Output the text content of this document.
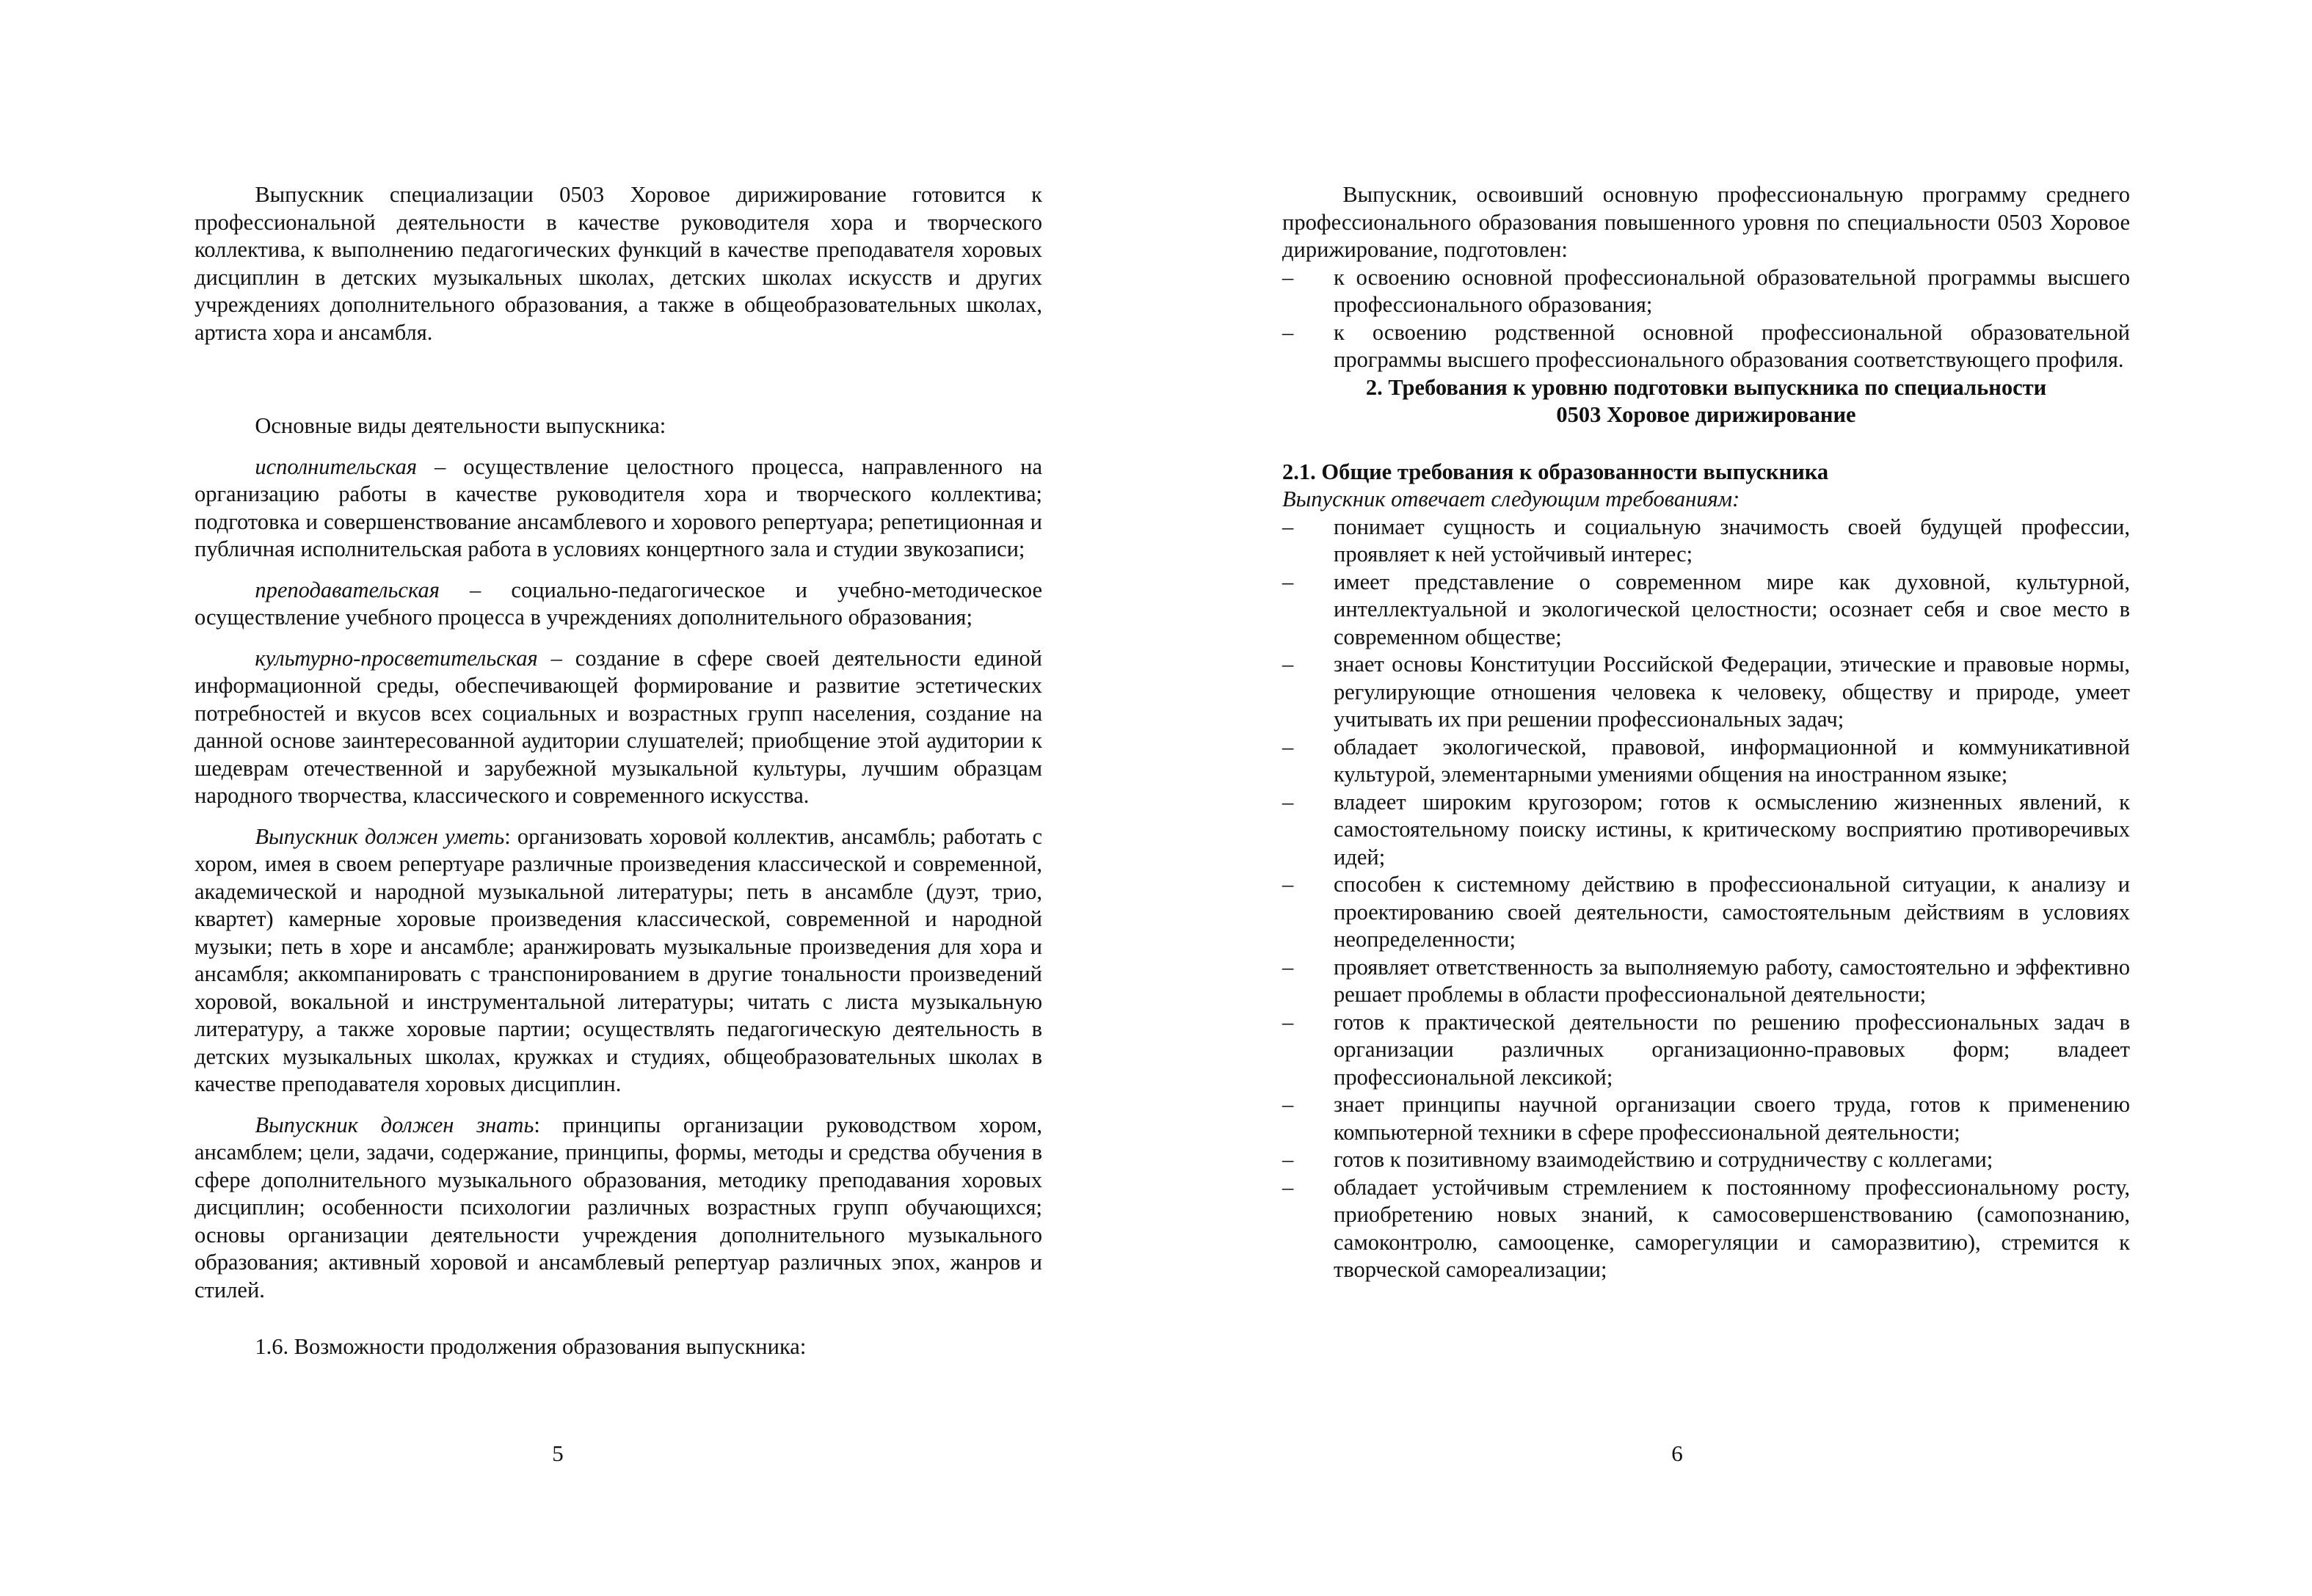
Выпускник специализации 0503 Хоровое дирижирование готовится к профессиональной деятельности в качестве руководителя хора и творческого коллектива, к выполнению педагогических функций в качестве преподавателя хоровых дисциплин в детских музыкальных школах, детских школах искусств и других учреждениях дополнительного образования, а также в общеобразовательных школах, артиста хора и ансамбля.

Основные виды деятельности выпускника:

исполнительская – осуществление целостного процесса, направленного на организацию работы в качестве руководителя хора и творческого коллектива; подготовка и совершенствование ансамблевого и хорового репертуара; репетиционная и публичная исполнительская работа в условиях концертного зала и студии звукозаписи;

преподавательская – социально-педагогическое и учебно-методическое осуществление учебного процесса в учреждениях дополнительного образования;

культурно-просветительская – создание в сфере своей деятельности единой информационной среды, обеспечивающей формирование и развитие эстетических потребностей и вкусов всех социальных и возрастных групп населения, создание на данной основе заинтересованной аудитории слушателей; приобщение этой аудитории к шедеврам отечественной и зарубежной музыкальной культуры, лучшим образцам народного творчества, классического и современного искусства.

Выпускник должен уметь: организовать хоровой коллектив, ансамбль; работать с хором, имея в своем репертуаре различные произведения классической и современной, академической и народной музыкальной литературы; петь в ансамбле (дуэт, трио, квартет) камерные хоровые произведения классической, современной и народной музыки; петь в хоре и ансамбле; аранжировать музыкальные произведения для хора и ансамбля; аккомпанировать с транспонированием в другие тональности произведений хоровой, вокальной и инструментальной литературы; читать с листа музыкальную литературу, а также хоровые партии; осуществлять педагогическую деятельность в детских музыкальных школах, кружках и студиях, общеобразовательных школах в качестве преподавателя хоровых дисциплин.

Выпускник должен знать: принципы организации руководством хором, ансамблем; цели, задачи, содержание, принципы, формы, методы и средства обучения в сфере дополнительного музыкального образования, методику преподавания хоровых дисциплин; особенности психологии различных возрастных групп обучающихся; основы организации деятельности учреждения дополнительного музыкального образования; активный хоровой и ансамблевый репертуар различных эпох, жанров и стилей.

1.6. Возможности продолжения образования выпускника:

5

Выпускник, освоивший основную профессиональную программу среднего профессионального образования повышенного уровня по специальности 0503 Хоровое дирижирование, подготовлен:

– к освоению основной профессиональной образовательной программы высшего профессионального образования;
– к освоению родственной основной профессиональной образовательной программы высшего профессионального образования соответствующего профиля.

2. Требования к уровню подготовки выпускника по специальности
0503 Хоровое дирижирование

2.1. Общие требования к образованности выпускника

Выпускник отвечает следующим требованиям:

– понимает сущность и социальную значимость своей будущей профессии, проявляет к ней устойчивый интерес;
– имеет представление о современном мире как духовной, культурной, интеллектуальной и экологической целостности; осознает себя и свое место в современном обществе;
– знает основы Конституции Российской Федерации, этические и правовые нормы, регулирующие отношения человека к человеку, обществу и природе, умеет учитывать их при решении профессиональных задач;
– обладает экологической, правовой, информационной и коммуникативной культурой, элементарными умениями общения на иностранном языке;
– владеет широким кругозором; готов к осмыслению жизненных явлений, к самостоятельному поиску истины, к критическому восприятию противоречивых идей;
– способен к системному действию в профессиональной ситуации, к анализу и проектированию своей деятельности, самостоятельным действиям в условиях неопределенности;
– проявляет ответственность за выполняемую работу, самостоятельно и эффективно решает проблемы в области профессиональной деятельности;
– готов к практической деятельности по решению профессиональных задач в организации различных организационно-правовых форм; владеет профессиональной лексикой;
– знает принципы научной организации своего труда, готов к применению компьютерной техники в сфере профессиональной деятельности;
– готов к позитивному взаимодействию и сотрудничеству с коллегами;
– обладает устойчивым стремлением к постоянному профессиональному росту, приобретению новых знаний, к самосовершенствованию (самопознанию, самоконтролю, самооценке, саморегуляции и саморазвитию), стремится к творческой самореализации;
6
